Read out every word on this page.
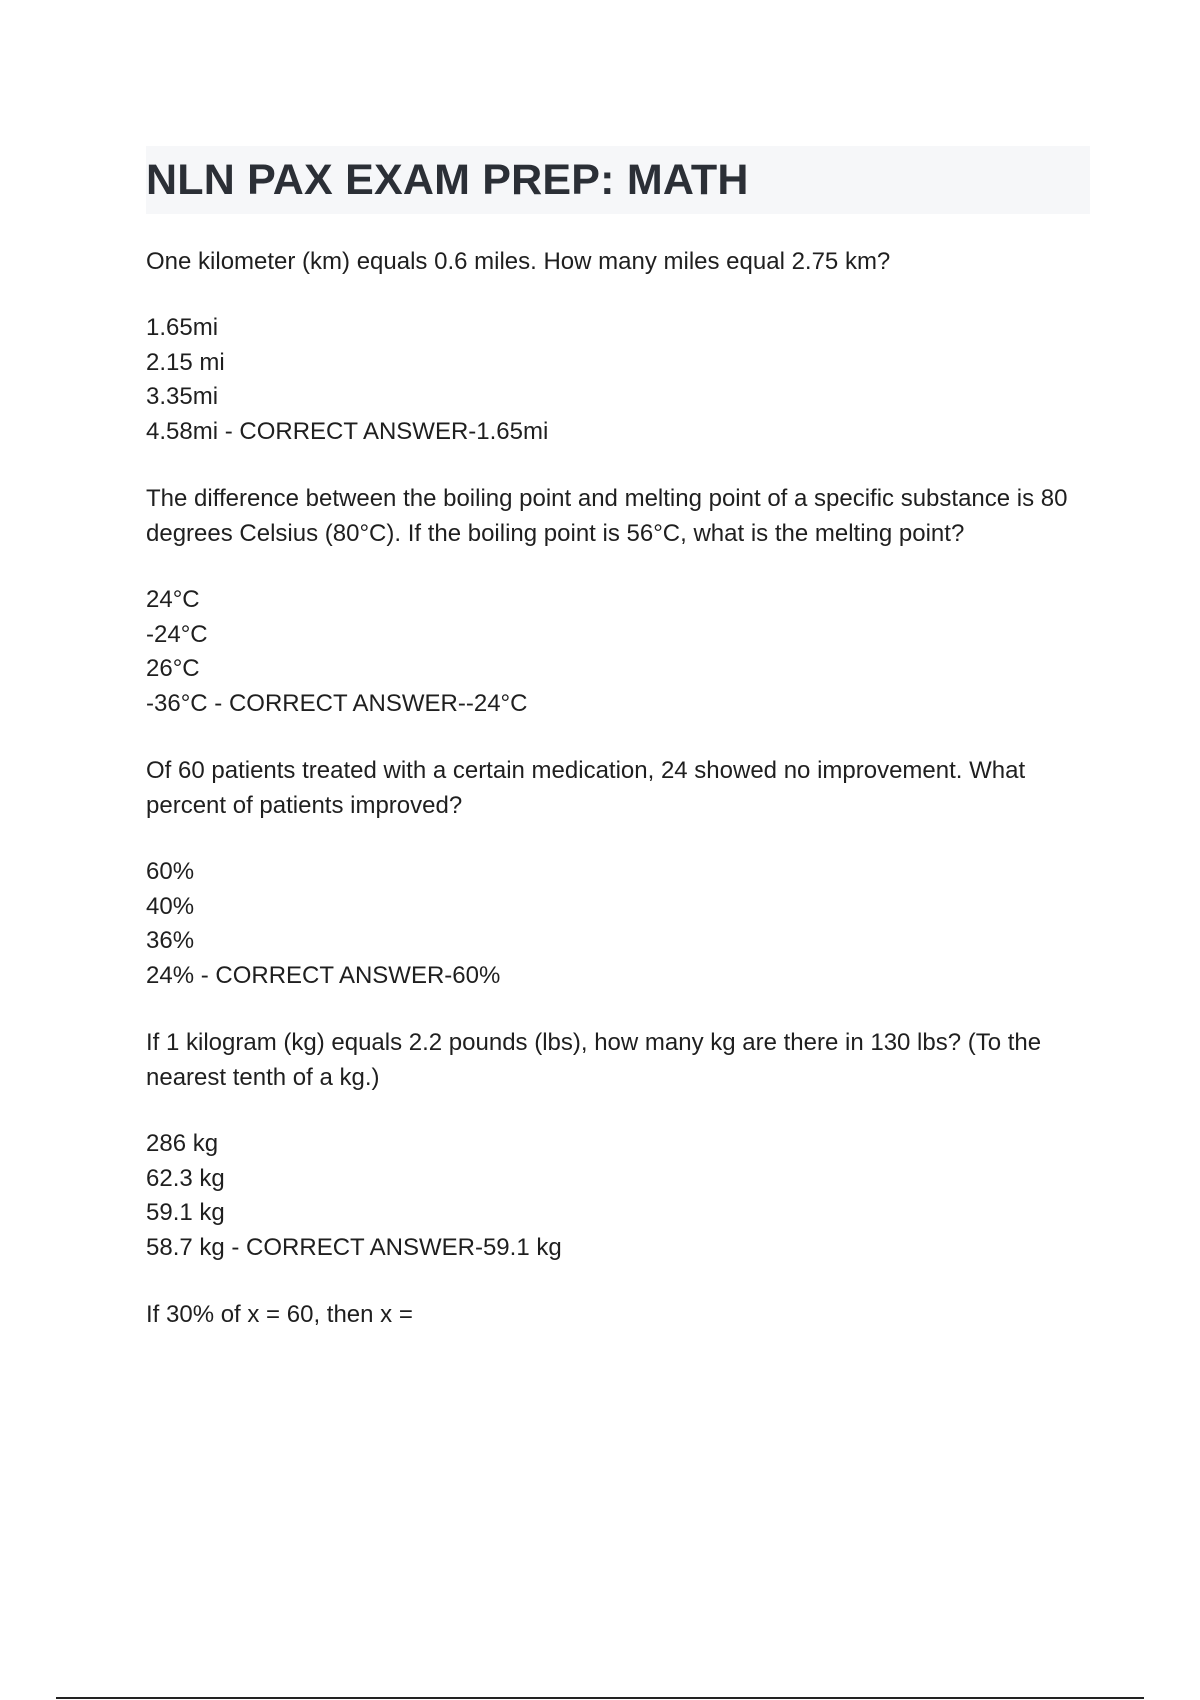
NLN PAX EXAM PREP: MATH

One kilometer (km) equals 0.6 miles. How many miles equal 2.75 km?

1.65mi
2.15 mi
3.35mi
4.58mi - CORRECT ANSWER-1.65mi

The difference between the boiling point and melting point of a specific substance is 80 degrees Celsius (80°C). If the boiling point is 56°C, what is the melting point?

24°C
-24°C
26°C
-36°C - CORRECT ANSWER--24°C

Of 60 patients treated with a certain medication, 24 showed no improvement. What percent of patients improved?

60%
40%
36%
24% - CORRECT ANSWER-60%

If 1 kilogram (kg) equals 2.2 pounds (lbs), how many kg are there in 130 lbs? (To the nearest tenth of a kg.)

286 kg
62.3 kg
59.1 kg
58.7 kg - CORRECT ANSWER-59.1 kg

If 30% of x = 60, then x =
